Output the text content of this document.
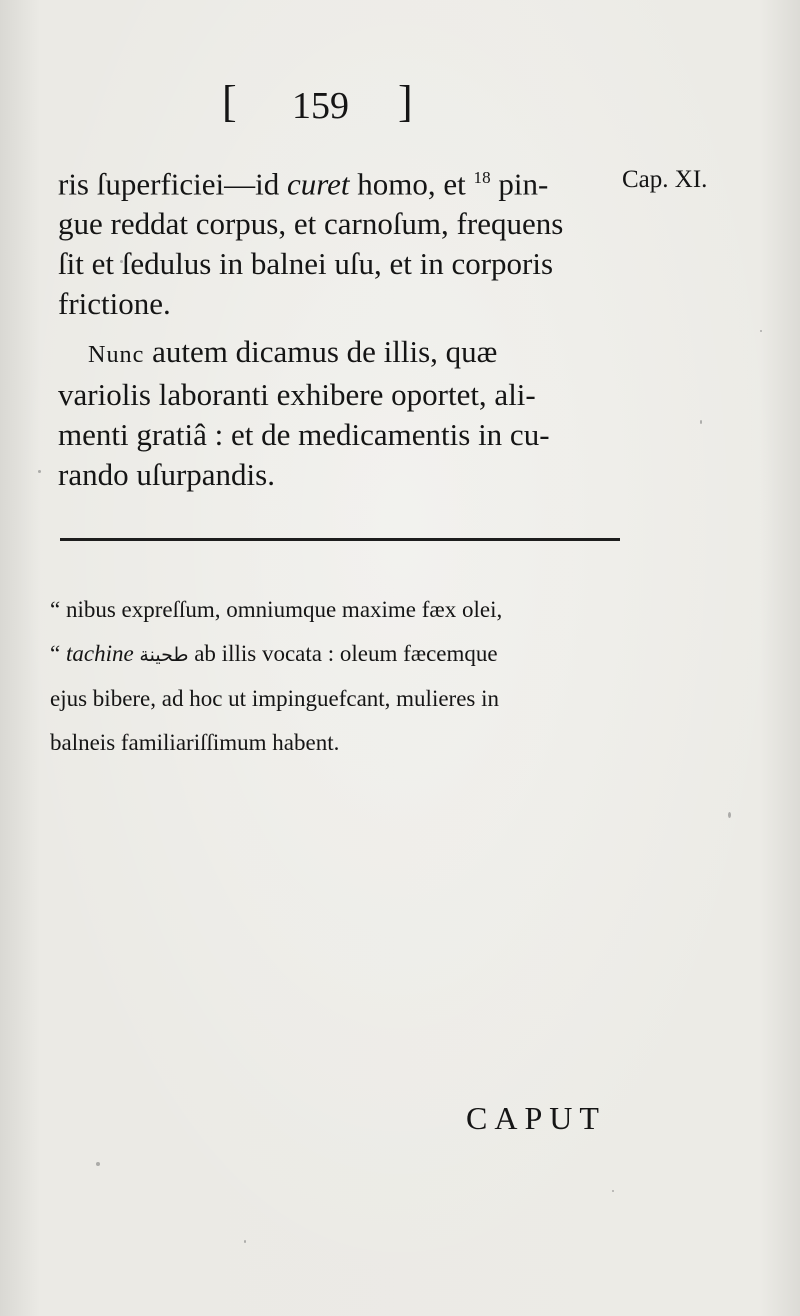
[ 159 ]
Cap. XI.
ris ſuperficiei—id curet homo, et $^{18}$ pin-
gue reddat corpus, et carnoſum, frequens
ſit et ſedulus in balnei uſu, et in corporis
frictione.
Nunc autem dicamus de illis, quæ
variolis laboranti exhibere oportet, ali-
menti gratiâ : et de medicamentis in cu-
rando uſurpandis.
“ nibus expreſſum, omniumque maxime fæx olei,
“ tachine طحينة ab illis vocata : oleum fæcemque
ejus bibere, ad hoc ut impinguefcant, mulieres in
balneis familiariſſimum habent.
CAPUT
